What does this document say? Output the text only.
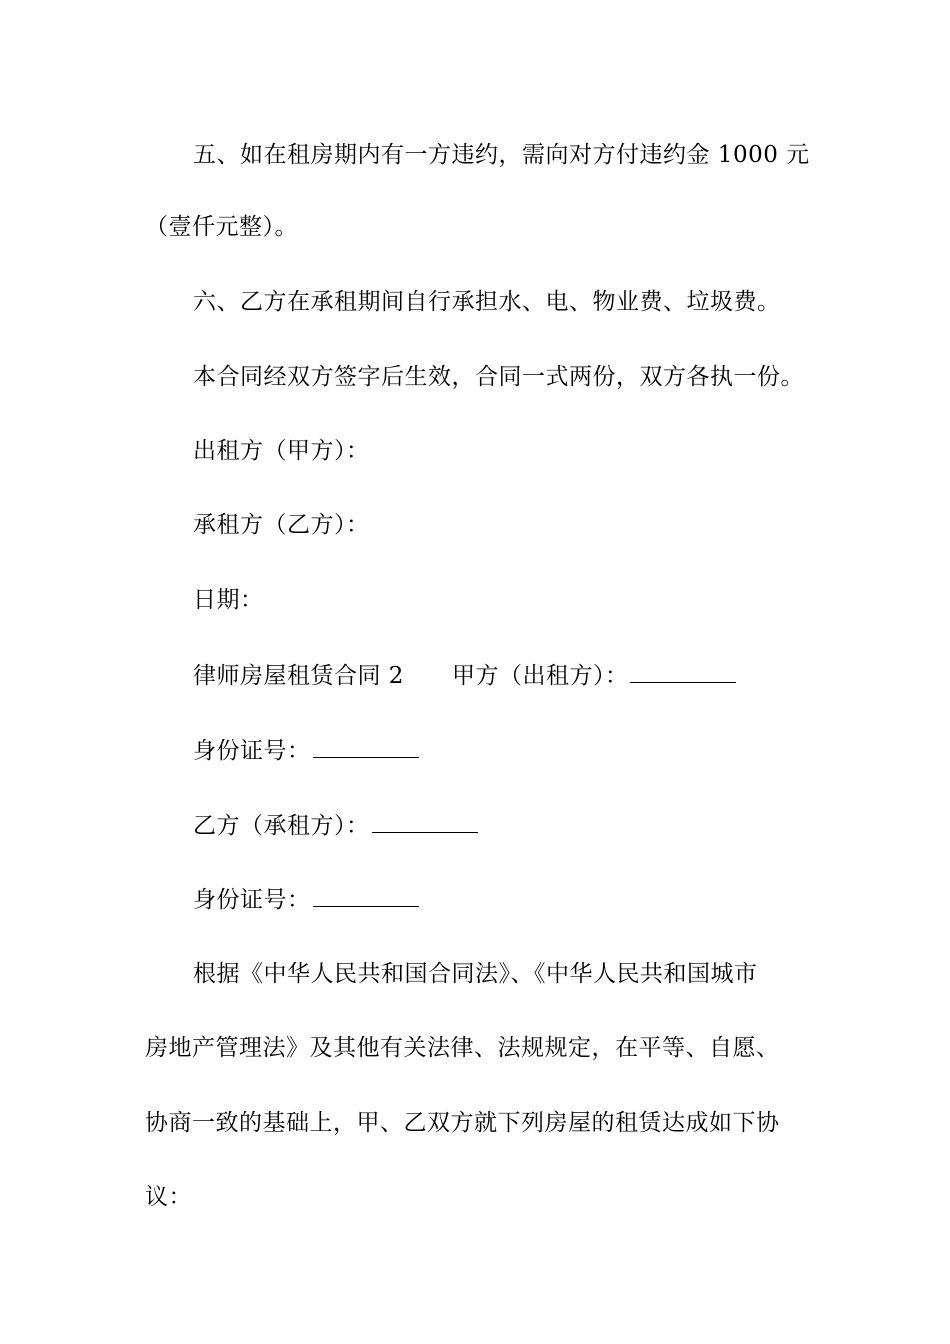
五、如在租房期内有一方违约，需向对方付违约金 1000 元
（壹仟元整）。
六、乙方在承租期间自行承担水、电、物业费、垃圾费。
本合同经双方签字后生效，合同一式两份，双方各执一份。
出租方（甲方）：
承租方（乙方）：
日期：
律师房屋租赁合同 2 甲方（出租方）：
身份证号：
乙方（承租方）：
身份证号：
根据《中华人民共和国合同法》、《中华人民共和国城市
房地产管理法》及其他有关法律、法规规定，在平等、自愿、
协商一致的基础上，甲、乙双方就下列房屋的租赁达成如下协
议：
